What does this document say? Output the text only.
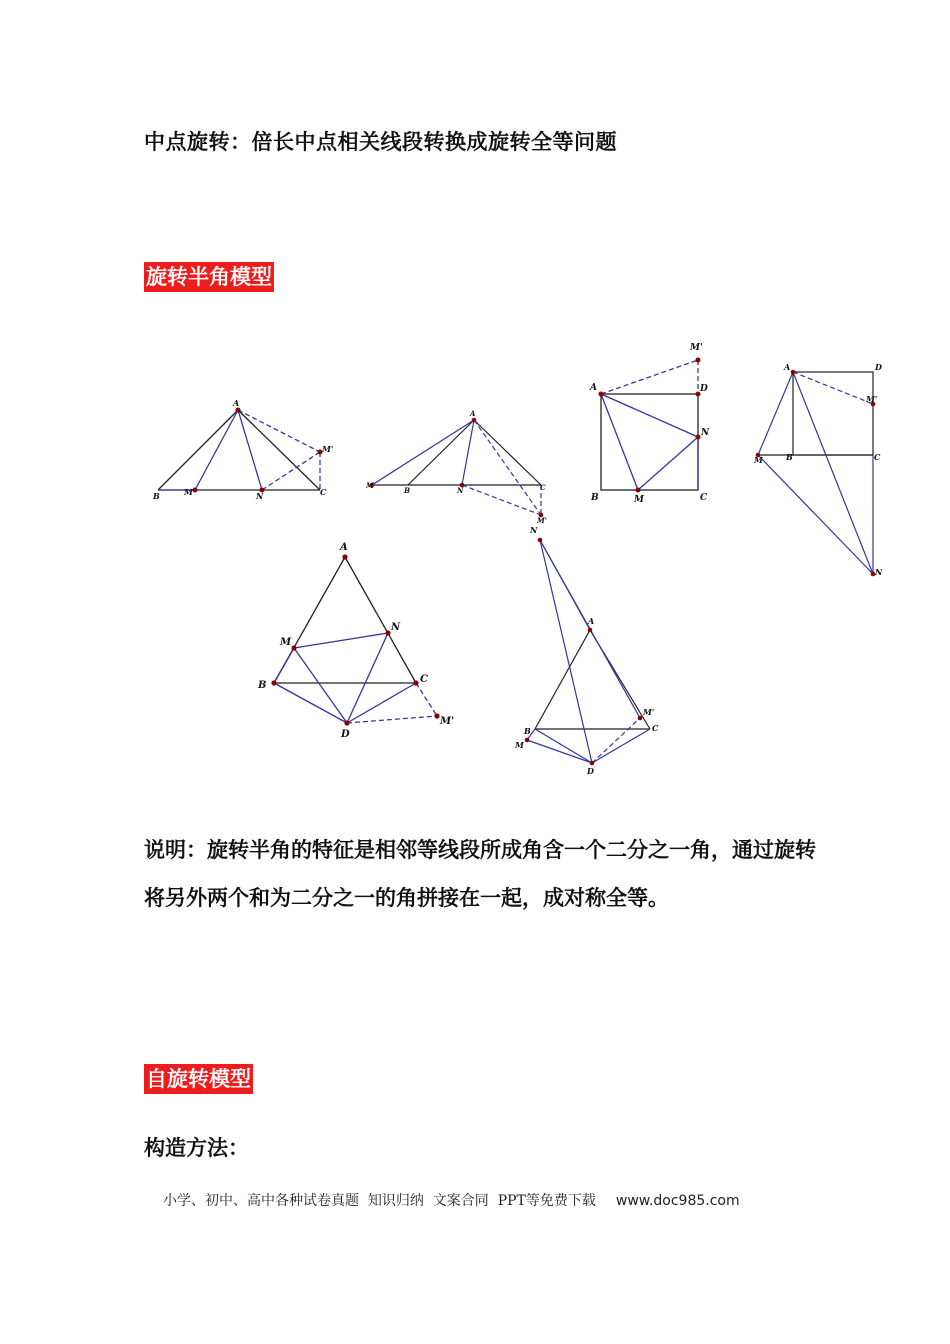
中点旋转：倍长中点相关线段转换成旋转全等问题
旋转半角模型
A
M'
B	M	N	C
A
M
B	N	C
M'
M'
A	D
N
B	M	C
A	D
M'
M	B	C
N
A
M
N
B
C
D
M'
N
A
M'
C
B
M
D
说明：旋转半角的特征是相邻等线段所成角含一个二分之一角，通过旋转将另外两个和为二分之一的角拼接在一起，成对称全等。
自旋转模型
构造方法：
小学、初中、高中各种试卷真题  知识归纳  文案合同  PPT等免费下载 www.doc985.com
